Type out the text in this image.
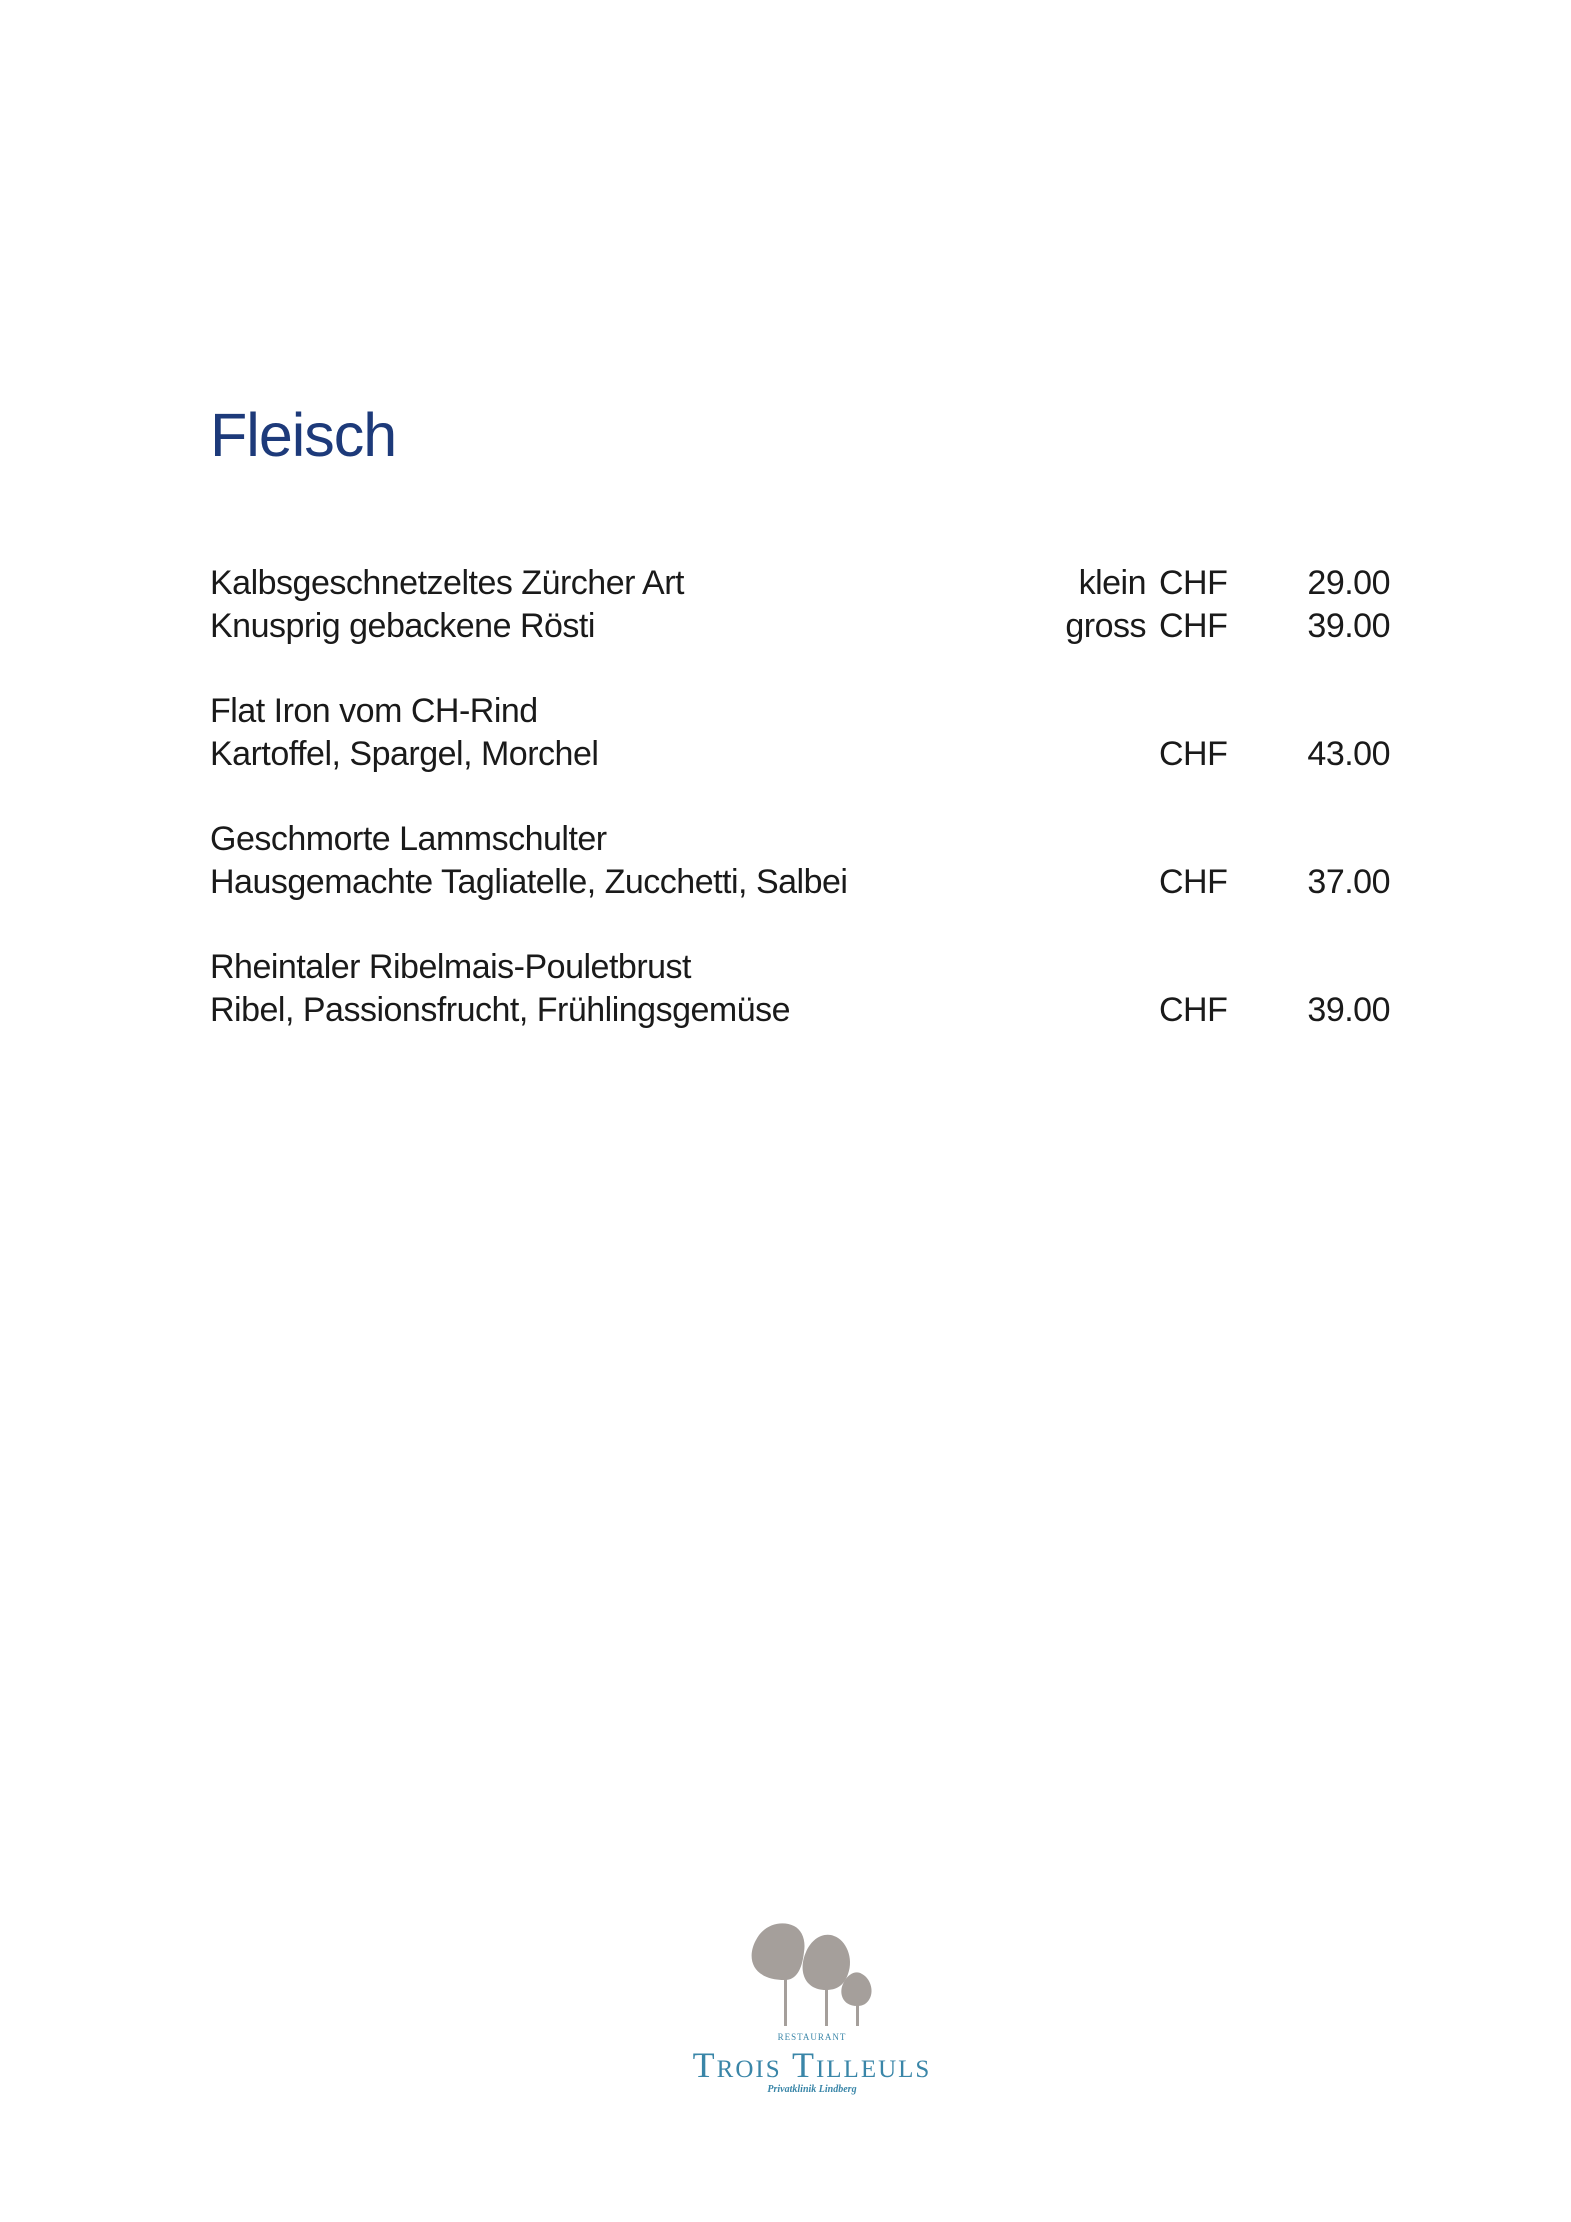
Fleisch
Kalbsgeschnetzeltes Zürcher Art	klein CHF 29.00
Knusprig gebackene Rösti	gross CHF 39.00
Flat Iron vom CH-Rind
Kartoffel, Spargel, Morchel	CHF 43.00
Geschmorte Lammschulter
Hausgemachte Tagliatelle, Zucchetti, Salbei	CHF 37.00
Rheintaler Ribelmais-Pouletbrust
Ribel, Passionsfrucht, Frühlingsgemüse	CHF 39.00
RESTAURANT
Trois Tilleuls
Privatklinik Lindberg
